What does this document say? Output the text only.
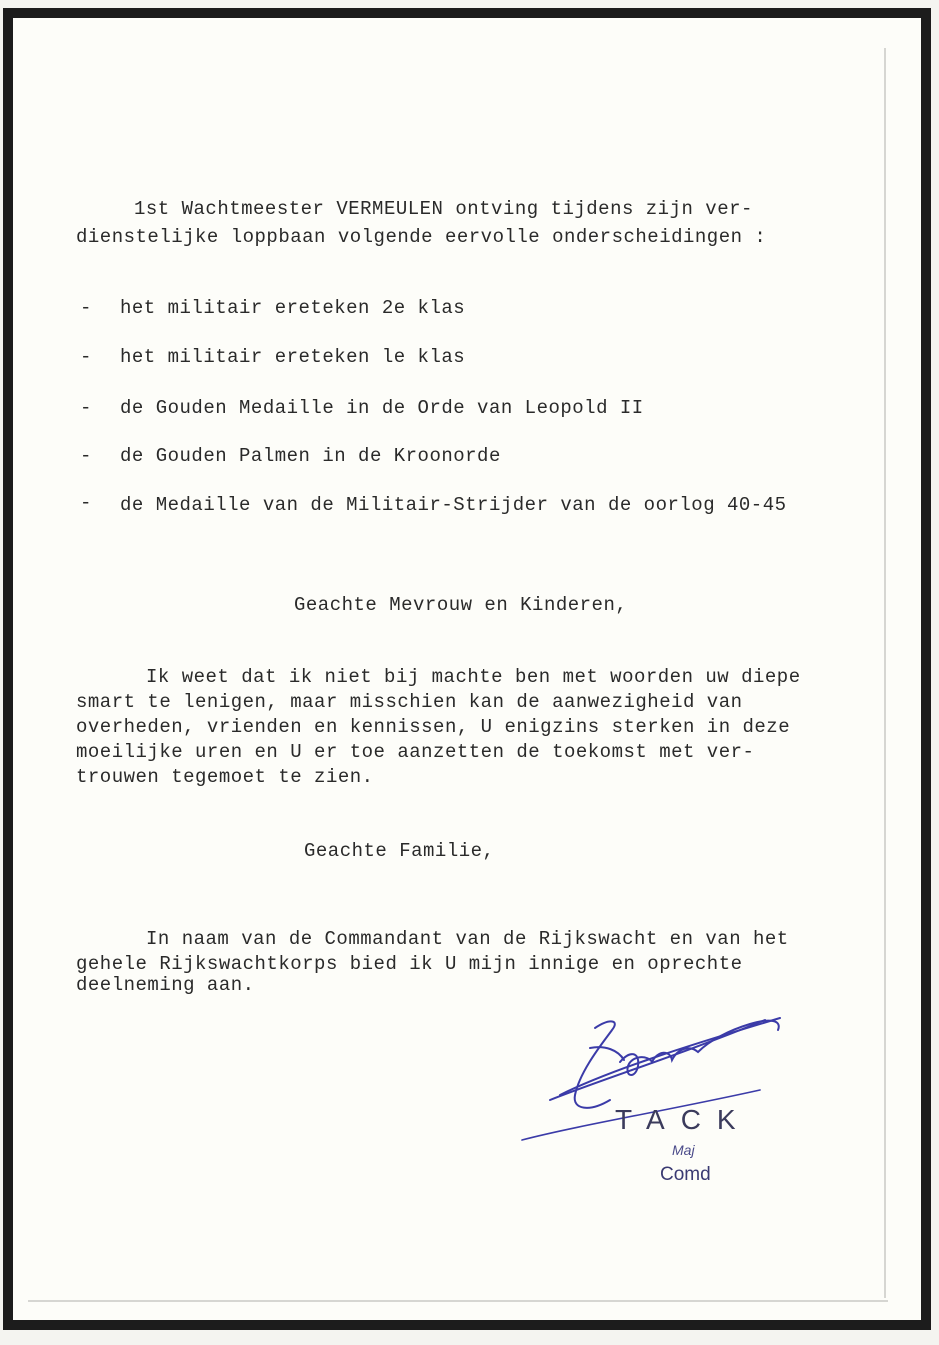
1st Wachtmeester VERMEULEN ontving tijdens zijn ver-
dienstelijke loppbaan volgende eervolle onderscheidingen :
- het militair ereteken 2e klas
- het militair ereteken le klas
- de Gouden Medaille in de Orde van Leopold II
- de Gouden Palmen in de Kroonorde
- de Medaille van de Militair-Strijder van de oorlog 40-45
Geachte Mevrouw en Kinderen,
Ik weet dat ik niet bij machte ben met woorden uw diepe
smart te lenigen, maar misschien kan de aanwezigheid van
overheden, vrienden en kennissen, U enigzins sterken in deze
moeilijke uren en U er toe aanzetten de toekomst met ver-
trouwen tegemoet te zien.
Geachte Familie,
In naam van de Commandant van de Rijkswacht en van het
gehele Rijkswachtkorps bied ik U mijn innige en oprechte
deelneming aan.
TACK
Maj
Comd
